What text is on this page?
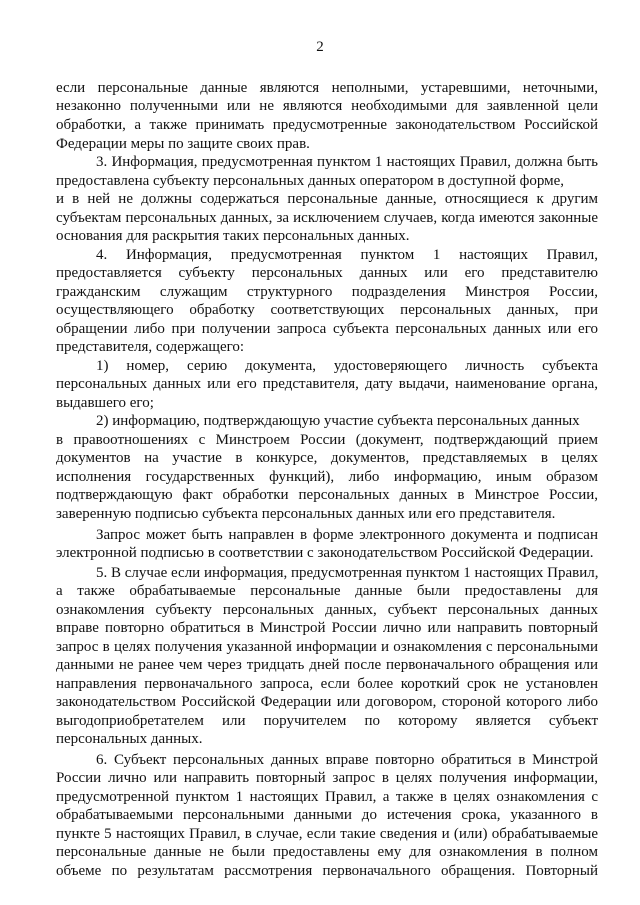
2
если персональные данные являются неполными, устаревшими, неточными,
незаконно полученными или не являются необходимыми для заявленной цели
обработки, а также принимать предусмотренные законодательством Российской
Федерации меры по защите своих прав.
3. Информация, предусмотренная пунктом 1 настоящих Правил, должна быть
предоставлена субъекту персональных данных оператором в доступной форме,
и в ней не должны содержаться персональные данные, относящиеся к другим
субъектам персональных данных, за исключением случаев, когда имеются законные
основания для раскрытия таких персональных данных.
4. Информация, предусмотренная пунктом 1 настоящих Правил,
предоставляется субъекту персональных данных или его представителю
гражданским служащим структурного подразделения Минстроя России,
осуществляющего обработку соответствующих персональных данных, при
обращении либо при получении запроса субъекта персональных данных или его
представителя, содержащего:
1) номер, серию документа, удостоверяющего личность субъекта
персональных данных или его представителя, дату выдачи, наименование органа,
выдавшего его;
2) информацию, подтверждающую участие субъекта персональных данных
в правоотношениях с Минстроем России (документ, подтверждающий прием
документов на участие в конкурсе, документов, представляемых в целях
исполнения государственных функций), либо информацию, иным образом
подтверждающую факт обработки персональных данных в Минстрое России,
заверенную подписью субъекта персональных данных или его представителя.
Запрос может быть направлен в форме электронного документа и подписан
электронной подписью в соответствии с законодательством Российской Федерации.
5. В случае если информация, предусмотренная пунктом 1 настоящих Правил,
а также обрабатываемые персональные данные были предоставлены для
ознакомления субъекту персональных данных, субъект персональных данных
вправе повторно обратиться в Минстрой России лично или направить повторный
запрос в целях получения указанной информации и ознакомления с персональными
данными не ранее чем через тридцать дней после первоначального обращения или
направления первоначального запроса, если более короткий срок не установлен
законодательством Российской Федерации или договором, стороной которого либо
выгодоприобретателем или поручителем по которому является субъект
персональных данных.
6. Субъект персональных данных вправе повторно обратиться в Минстрой
России лично или направить повторный запрос в целях получения информации,
предусмотренной пунктом 1 настоящих Правил, а также в целях ознакомления с
обрабатываемыми персональными данными до истечения срока, указанного в
пункте 5 настоящих Правил, в случае, если такие сведения и (или) обрабатываемые
персональные данные не были предоставлены ему для ознакомления в полном
объеме по результатам рассмотрения первоначального обращения. Повторный
